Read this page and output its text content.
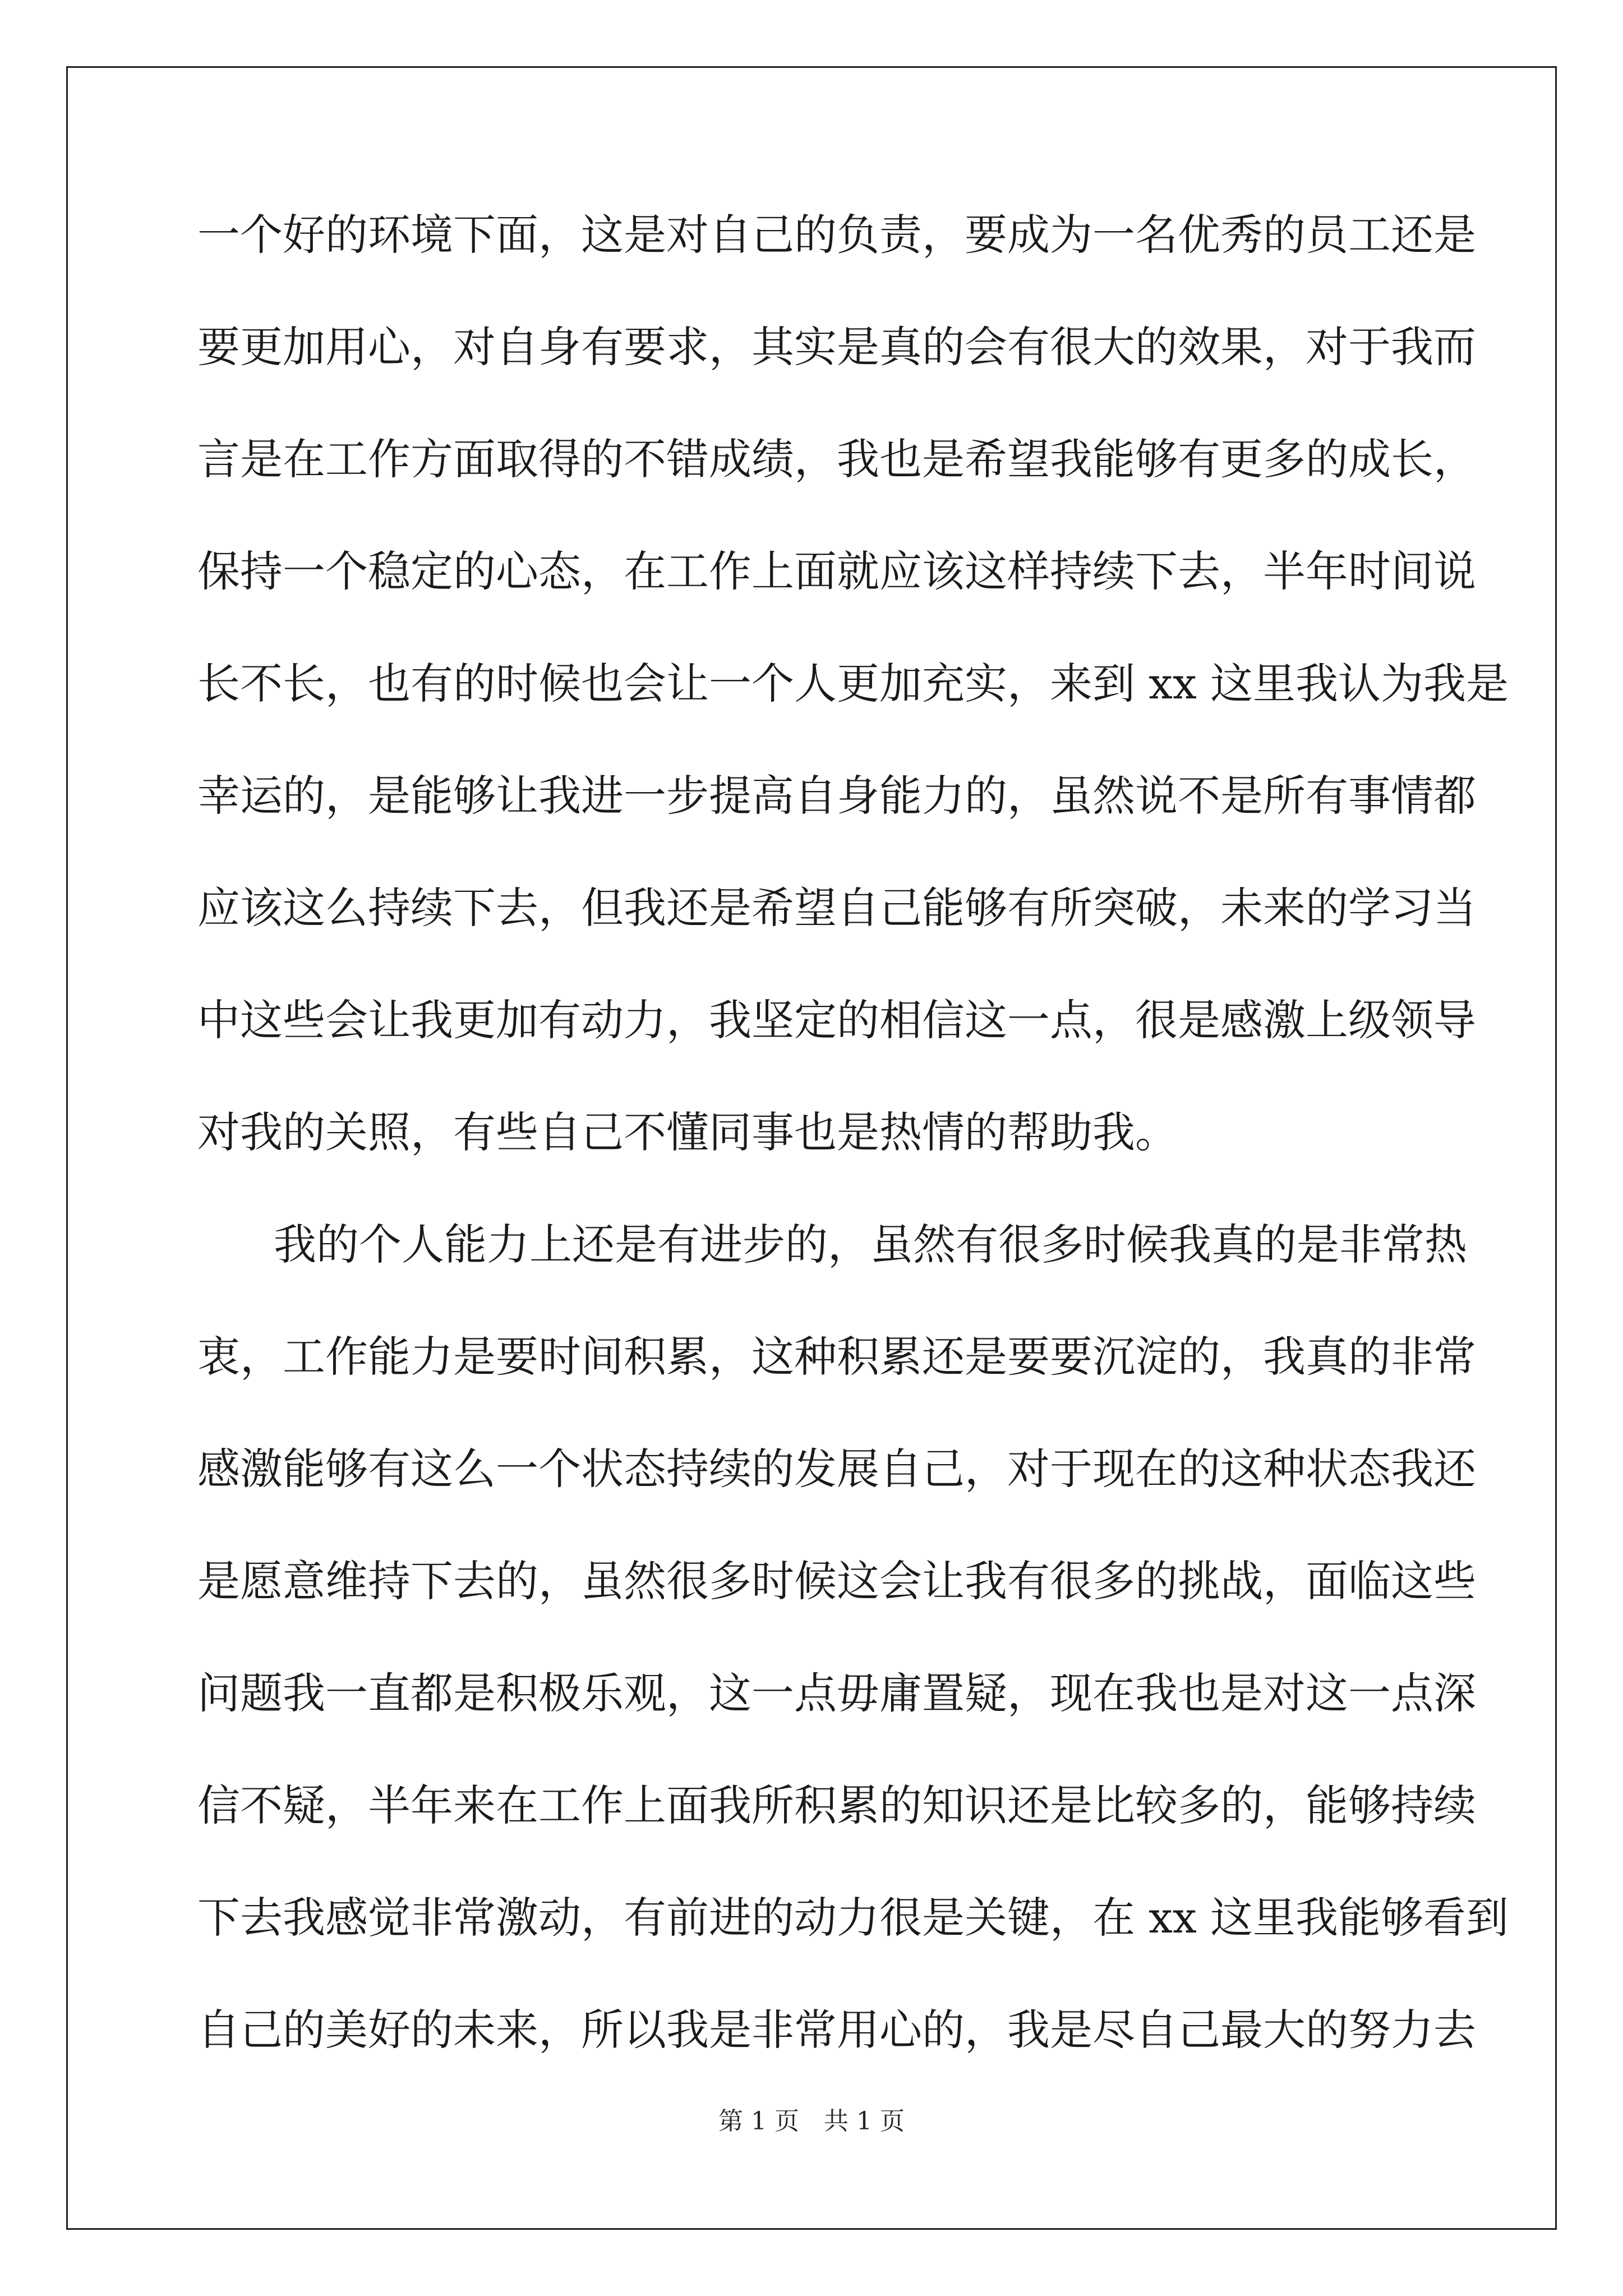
一个好的环境下面，这是对自己的负责，要成为一名优秀的员工还是
要更加用心，对自身有要求，其实是真的会有很大的效果，对于我而
言是在工作方面取得的不错成绩，我也是希望我能够有更多的成长，
保持一个稳定的心态，在工作上面就应该这样持续下去，半年时间说
长不长，也有的时候也会让一个人更加充实，来到 xx 这里我认为我是
幸运的，是能够让我进一步提高自身能力的，虽然说不是所有事情都
应该这么持续下去，但我还是希望自己能够有所突破，未来的学习当
中这些会让我更加有动力，我坚定的相信这一点，很是感激上级领导
对我的关照，有些自己不懂同事也是热情的帮助我。
我的个人能力上还是有进步的，虽然有很多时候我真的是非常热
衷，工作能力是要时间积累，这种积累还是要要沉淀的，我真的非常
感激能够有这么一个状态持续的发展自己，对于现在的这种状态我还
是愿意维持下去的，虽然很多时候这会让我有很多的挑战，面临这些
问题我一直都是积极乐观，这一点毋庸置疑，现在我也是对这一点深
信不疑，半年来在工作上面我所积累的知识还是比较多的，能够持续
下去我感觉非常激动，有前进的动力很是关键，在 xx 这里我能够看到
自己的美好的未来，所以我是非常用心的，我是尽自己最大的努力去
第 1 页　共 1 页
